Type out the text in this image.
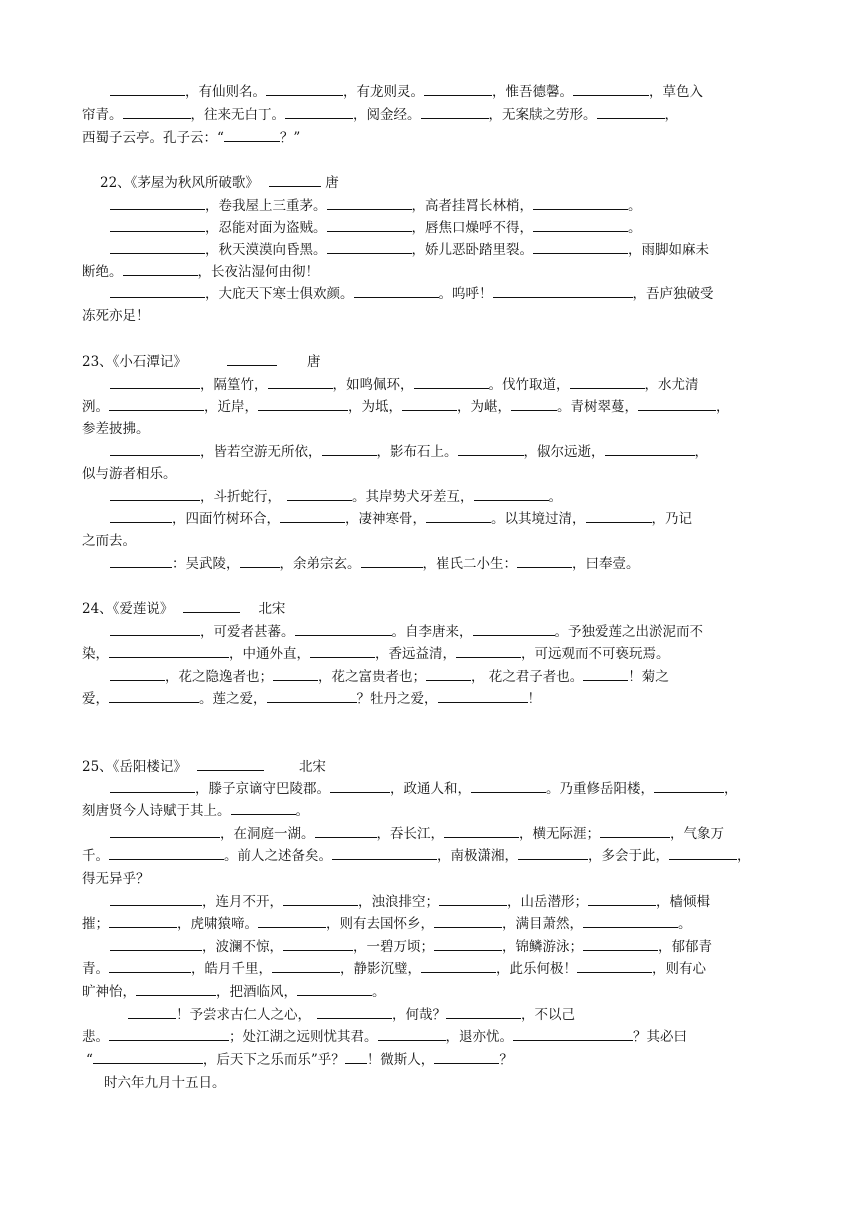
，有仙则名。	，有龙则灵。	，惟吾德馨。	，草色入
帘青。	，往来无白丁。	，阅金经。	，无案牍之劳形。	，
西蜀子云亭。孔子云：“	？”
22、《茅屋为秋风所破歌》	唐
，卷我屋上三重茅。	，高者挂罥长林梢，	。
，忍能对面为盗贼。	，唇焦口燥呼不得，	。
，秋天漠漠向昏黑。	，娇儿恶卧踏里裂。	，雨脚如麻未
断绝。	，长夜沾湿何由彻！
，大庇天下寒士俱欢颜。	。呜呼！	，吾庐独破受
冻死亦足！
23、《小石潭记》	唐
，隔篁竹，	，如鸣佩环，	。伐竹取道，	，水尤清
洌。	，近岸，	，为坻，	，为嵁，	。青树翠蔓，	，
参差披拂。
，皆若空游无所依，	，影布石上。	，俶尔远逝，	，
似与游者相乐。
，斗折蛇行，	。其岸势犬牙差互，	。
，四面竹树环合，	，凄神寒骨，	。以其境过清，	，乃记
之而去。
：吴武陵，	，余弟宗玄。	，崔氏二小生：	，曰奉壹。
24、《爱莲说》	北宋
，可爱者甚蕃。	。自李唐来，	。予独爱莲之出淤泥而不
染，	，中通外直，	，香远益清，	，可远观而不可亵玩焉。
，花之隐逸者也；	，花之富贵者也；	， 花之君子者也。	！菊之
爱，	。莲之爱，	？牡丹之爱，	！
25、《岳阳楼记》	北宋
，滕子京谪守巴陵郡。	，政通人和，	。乃重修岳阳楼，	，
刻唐贤今人诗赋于其上。	。
，在洞庭一湖。	，吞长江，	，横无际涯；	，气象万
千。	。前人之述备矣。	，南极潇湘，	，多会于此，	，
得无异乎？
，连月不开，	，浊浪排空；	，山岳潜形；	，樯倾楫
摧；	，虎啸猿啼。	，则有去国怀乡，	，满目萧然，	。
，波澜不惊，	，一碧万顷；	，锦鳞游泳；	，郁郁青
青。	，皓月千里，	，静影沉璧，	，此乐何极！	，则有心
旷神怡，	，把酒临风，	。
！予尝求古仁人之心，	，何哉？	，不以己
悲。	；处江湖之远则忧其君。	，退亦忧。	？其必曰
“	，后天下之乐而乐”乎？ ！微斯人，	？
时六年九月十五日。
